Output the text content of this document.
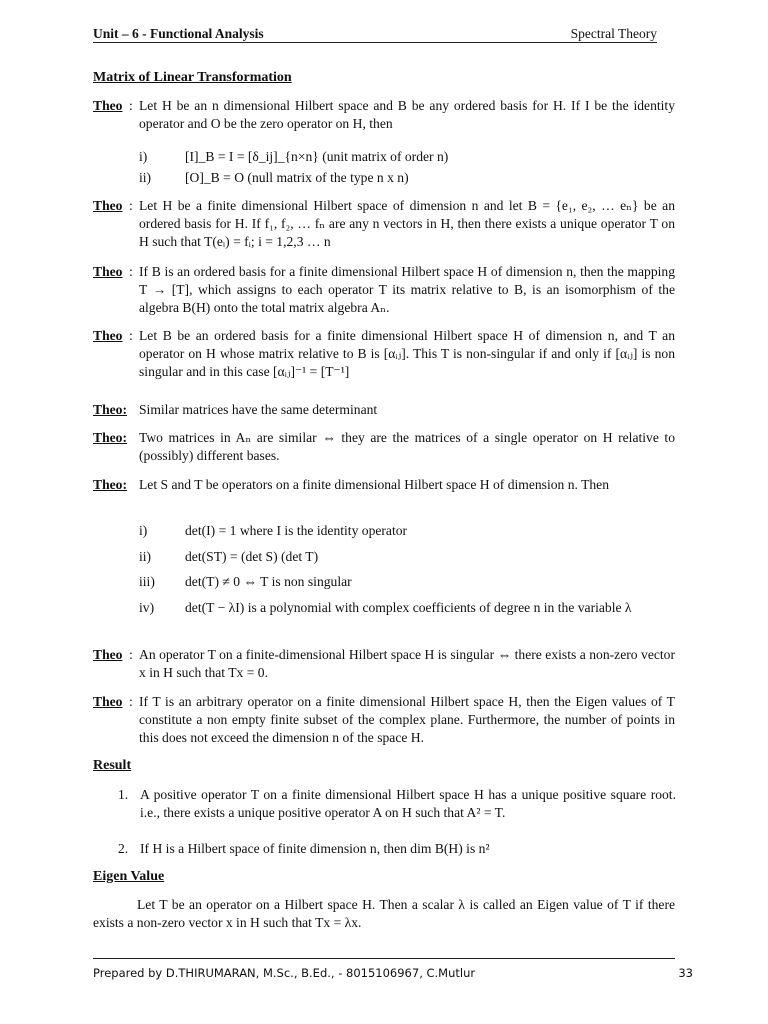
Unit – 6 - Functional Analysis	Spectral Theory
Matrix of Linear Transformation
Theo : Let H be an n dimensional Hilbert space and B be any ordered basis for H. If I be the identity operator and O be the zero operator on H, then
i)	[I]_B = I = [δ_ij]_{n×n} (unit matrix of order n)
ii) [O]_B = O (null matrix of the type n x n)
Theo : Let H be a finite dimensional Hilbert space of dimension n and let B = {e₁, e₂, … eₙ} be an ordered basis for H. If f₁, f₂, … fₙ are any n vectors in H, then there exists a unique operator T on H such that T(eᵢ) = fᵢ; i = 1,2,3 … n
Theo : If B is an ordered basis for a finite dimensional Hilbert space H of dimension n, then the mapping T → [T], which assigns to each operator T its matrix relative to B, is an isomorphism of the algebra B(H) onto the total matrix algebra Aₙ.
Theo : Let B be an ordered basis for a finite dimensional Hilbert space H of dimension n, and T an operator on H whose matrix relative to B is [αᵢⱼ]. This T is non-singular if and only if [αᵢⱼ] is non singular and in this case [αᵢⱼ]⁻¹ = [T⁻¹]
Theo: Similar matrices have the same determinant
Theo: Two matrices in Aₙ are similar ⇔ they are the matrices of a single operator on H relative to (possibly) different bases.
Theo: Let S and T be operators on a finite dimensional Hilbert space H of dimension n. Then
i)	det(I) = 1 where I is the identity operator
ii) det(ST) = (det S) (det T)
iii) det(T) ≠ 0 ⇔ T is non singular
iv) det(T − λI) is a polynomial with complex coefficients of degree n in the variable λ
Theo : An operator T on a finite-dimensional Hilbert space H is singular ⇔ there exists a non-zero vector x in H such that Tx = 0.
Theo : If T is an arbitrary operator on a finite dimensional Hilbert space H, then the Eigen values of T constitute a non empty finite subset of the complex plane. Furthermore, the number of points in this does not exceed the dimension n of the space H.
Result
1. A positive operator T on a finite dimensional Hilbert space H has a unique positive square root. i.e., there exists a unique positive operator A on H such that A² = T.
2. If H is a Hilbert space of finite dimension n, then dim B(H) is n²
Eigen Value
Let T be an operator on a Hilbert space H. Then a scalar λ is called an Eigen value of T if there exists a non-zero vector x in H such that Tx = λx.
Prepared by D.THIRUMARAN, M.Sc., B.Ed., - 8015106967, C.Mutlur	33
